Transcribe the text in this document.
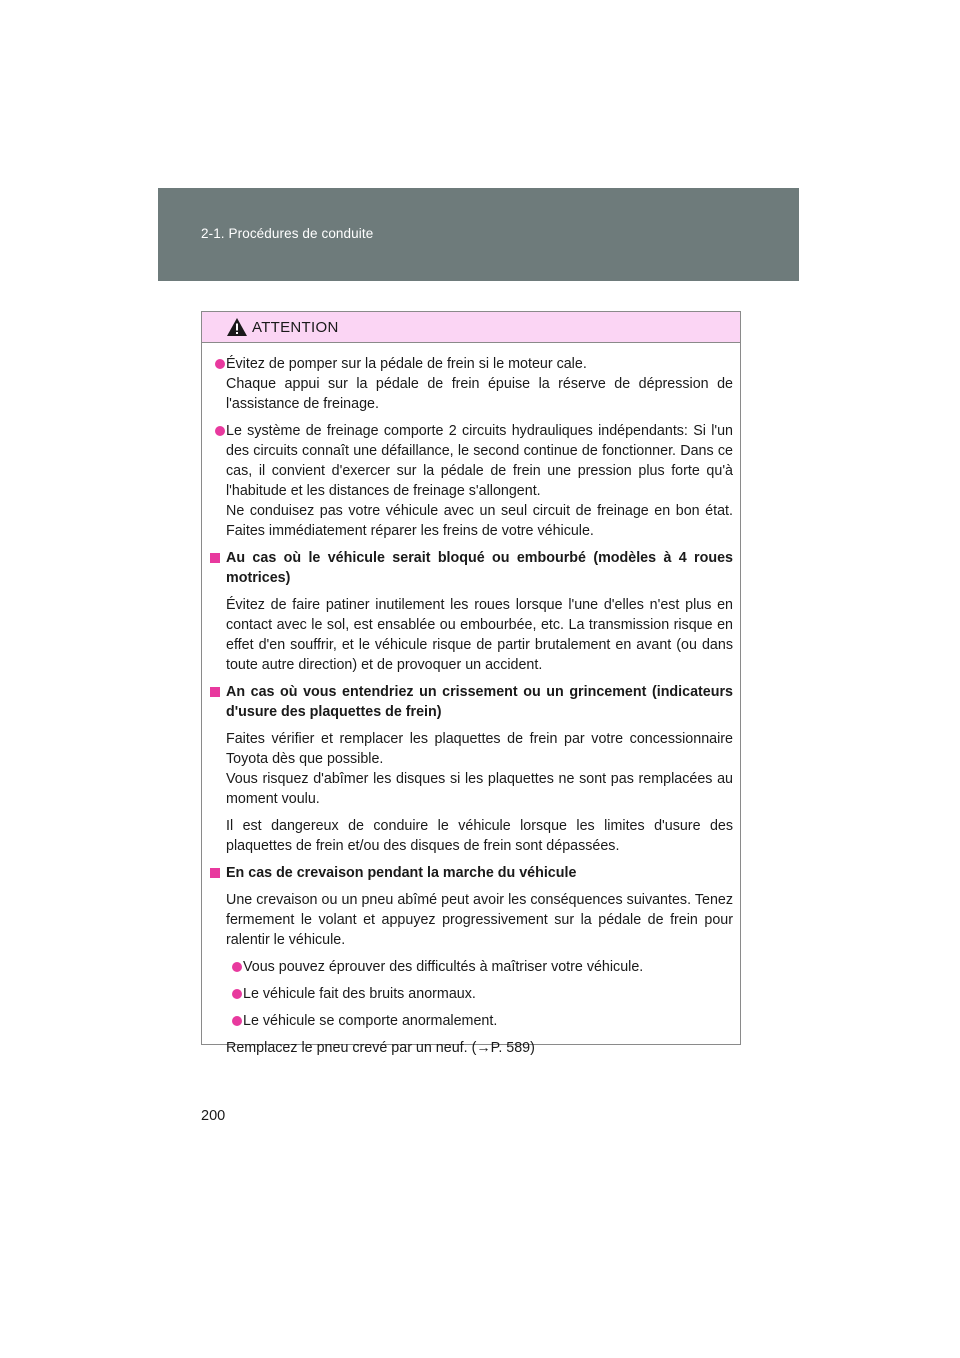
2-1. Procédures de conduite
ATTENTION

Évitez de pomper sur la pédale de frein si le moteur cale.

Chaque appui sur la pédale de frein épuise la réserve de dépression de l'assistance de freinage.

Le système de freinage comporte 2 circuits hydrauliques indépendants: Si l'un des circuits connaît une défaillance, le second continue de fonctionner. Dans ce cas, il convient d'exercer sur la pédale de frein une pression plus forte qu'à l'habitude et les distances de freinage s'allongent.

Ne conduisez pas votre véhicule avec un seul circuit de freinage en bon état. Faites immédiatement réparer les freins de votre véhicule.

Au cas où le véhicule serait bloqué ou embourbé (modèles à 4 roues motrices)

Évitez de faire patiner inutilement les roues lorsque l'une d'elles n'est plus en contact avec le sol, est ensablée ou embourbée, etc. La transmission risque en effet d'en souffrir, et le véhicule risque de partir brutalement en avant (ou dans toute autre direction) et de provoquer un accident.

An cas où vous entendriez un crissement ou un grincement (indicateurs d'usure des plaquettes de frein)

Faites vérifier et remplacer les plaquettes de frein par votre concessionnaire Toyota dès que possible.

Vous risquez d'abîmer les disques si les plaquettes ne sont pas remplacées au moment voulu.

Il est dangereux de conduire le véhicule lorsque les limites d'usure des plaquettes de frein et/ou des disques de frein sont dépassées.

En cas de crevaison pendant la marche du véhicule

Une crevaison ou un pneu abîmé peut avoir les conséquences suivantes. Tenez fermement le volant et appuyez progressivement sur la pédale de frein pour ralentir le véhicule.

Vous pouvez éprouver des difficultés à maîtriser votre véhicule.

Le véhicule fait des bruits anormaux.

Le véhicule se comporte anormalement.

Remplacez le pneu crevé par un neuf. (→P. 589)

200
